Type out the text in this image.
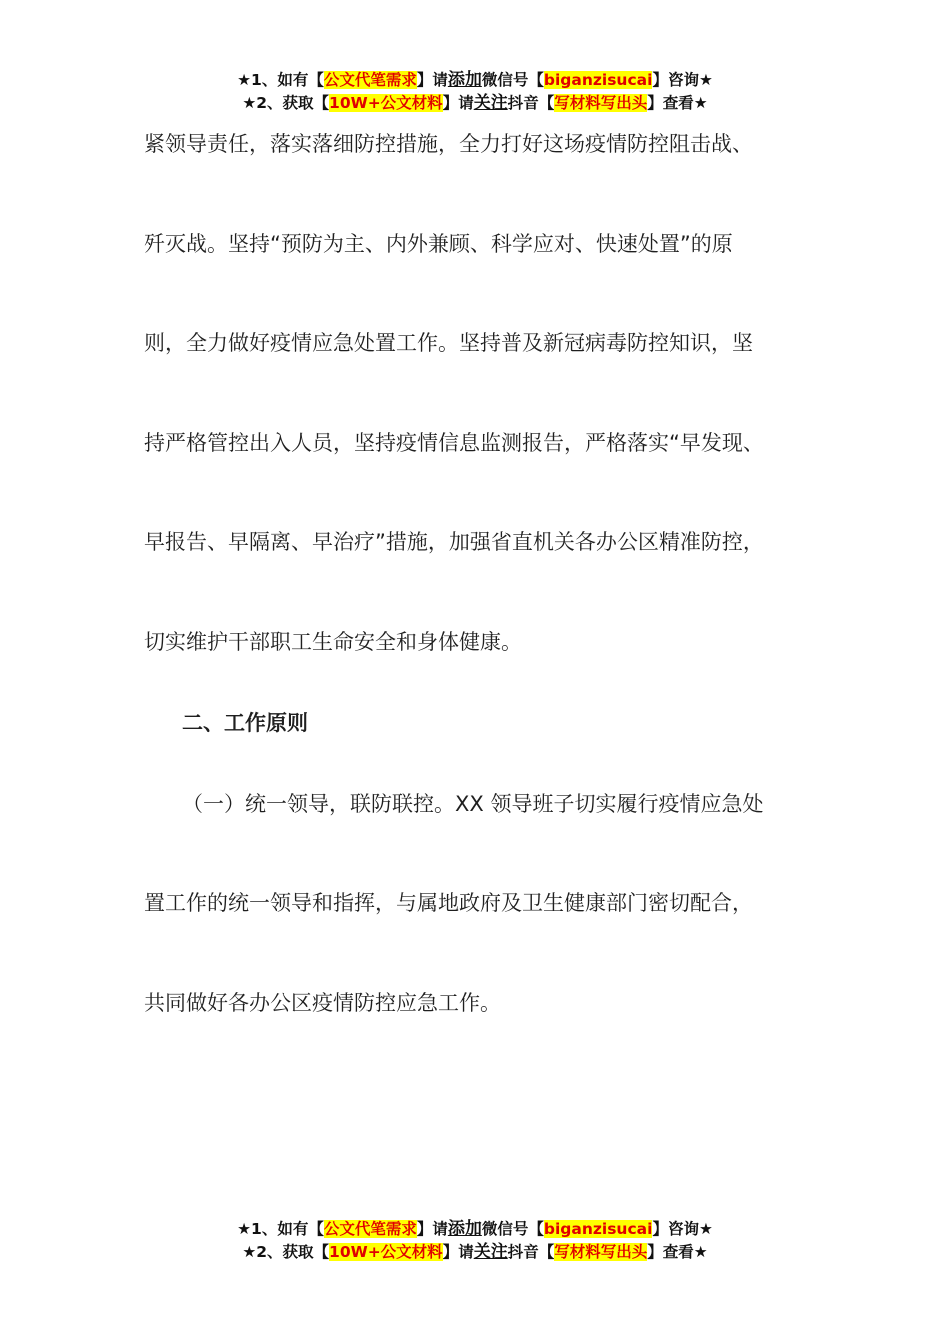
★1、如有【公文代笔需求】请添加微信号【biganzisucai】咨询★
★2、获取【10W+公文材料】请关注抖音【写材料写出头】查看★
紧领导责任，落实落细防控措施，全力打好这场疫情防控阻击战、
歼灭战。坚持“预防为主、内外兼顾、科学应对、快速处置”的原
则，全力做好疫情应急处置工作。坚持普及新冠病毒防控知识，坚
持严格管控出入人员，坚持疫情信息监测报告，严格落实“早发现、
早报告、早隔离、早治疗”措施，加强省直机关各办公区精准防控，
切实维护干部职工生命安全和身体健康。
二、工作原则
（一）统一领导，联防联控。XX 领导班子切实履行疫情应急处
置工作的统一领导和指挥，与属地政府及卫生健康部门密切配合，
共同做好各办公区疫情防控应急工作。
★1、如有【公文代笔需求】请添加微信号【biganzisucai】咨询★
★2、获取【10W+公文材料】请关注抖音【写材料写出头】查看★
